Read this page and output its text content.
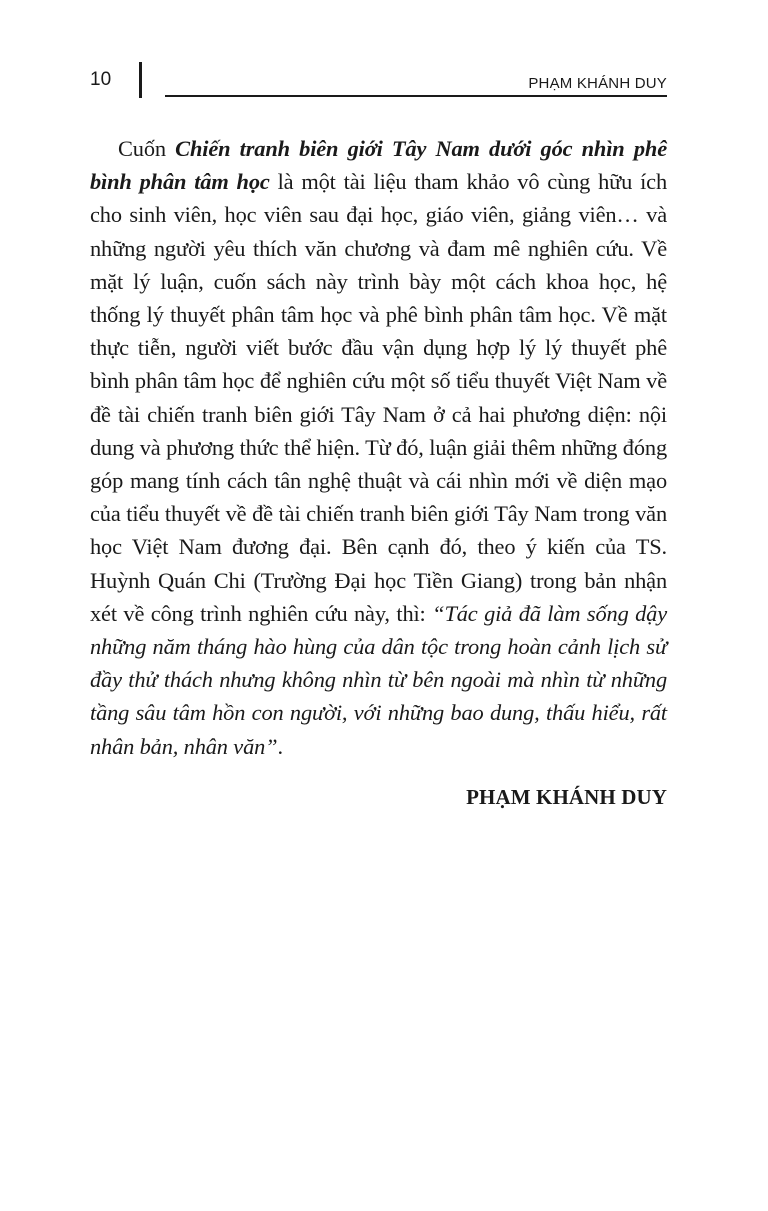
10	PHẠM KHÁNH DUY

Cuốn Chiến tranh biên giới Tây Nam dưới góc nhìn phê bình phân tâm học là một tài liệu tham khảo vô cùng hữu ích cho sinh viên, học viên sau đại học, giáo viên, giảng viên… và những người yêu thích văn chương và đam mê nghiên cứu. Về mặt lý luận, cuốn sách này trình bày một cách khoa học, hệ thống lý thuyết phân tâm học và phê bình phân tâm học. Về mặt thực tiễn, người viết bước đầu vận dụng hợp lý lý thuyết phê bình phân tâm học để nghiên cứu một số tiểu thuyết Việt Nam về đề tài chiến tranh biên giới Tây Nam ở cả hai phương diện: nội dung và phương thức thể hiện. Từ đó, luận giải thêm những đóng góp mang tính cách tân nghệ thuật và cái nhìn mới về diện mạo của tiểu thuyết về đề tài chiến tranh biên giới Tây Nam trong văn học Việt Nam đương đại. Bên cạnh đó, theo ý kiến của TS. Huỳnh Quán Chi (Trường Đại học Tiền Giang) trong bản nhận xét về công trình nghiên cứu này, thì: “Tác giả đã làm sống dậy những năm tháng hào hùng của dân tộc trong hoàn cảnh lịch sử đầy thử thách nhưng không nhìn từ bên ngoài mà nhìn từ những tầng sâu tâm hồn con người, với những bao dung, thấu hiểu, rất nhân bản, nhân văn”.

PHẠM KHÁNH DUY
